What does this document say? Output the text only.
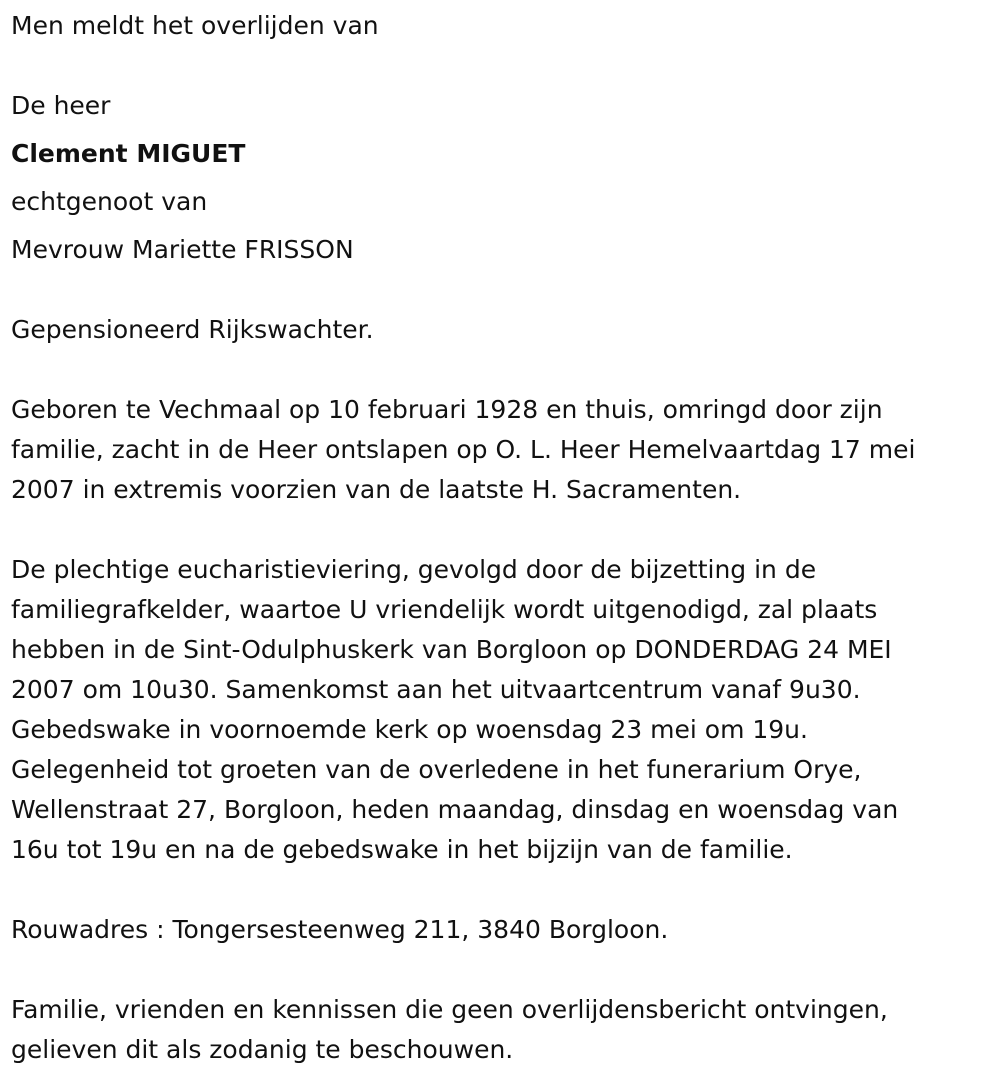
Men meldt het overlijden van
De heer
Clement MIGUET
echtgenoot van
Mevrouw Mariette FRISSON
Gepensioneerd Rijkswachter.
Geboren te Vechmaal op 10 februari 1928 en thuis, omringd door zijn
familie, zacht in de Heer ontslapen op O. L. Heer Hemelvaartdag 17 mei
2007 in extremis voorzien van de laatste H. Sacramenten.
De plechtige eucharistieviering, gevolgd door de bijzetting in de
familiegrafkelder, waartoe U vriendelijk wordt uitgenodigd, zal plaats
hebben in de Sint-Odulphuskerk van Borgloon op DONDERDAG 24 MEI
2007 om 10u30. Samenkomst aan het uitvaartcentrum vanaf 9u30.
Gebedswake in voornoemde kerk op woensdag 23 mei om 19u.
Gelegenheid tot groeten van de overledene in het funerarium Orye,
Wellenstraat 27, Borgloon, heden maandag, dinsdag en woensdag van
16u tot 19u en na de gebedswake in het bijzijn van de familie.
Rouwadres : Tongersesteenweg 211, 3840 Borgloon.
Familie, vrienden en kennissen die geen overlijdensbericht ontvingen,
gelieven dit als zodanig te beschouwen.
